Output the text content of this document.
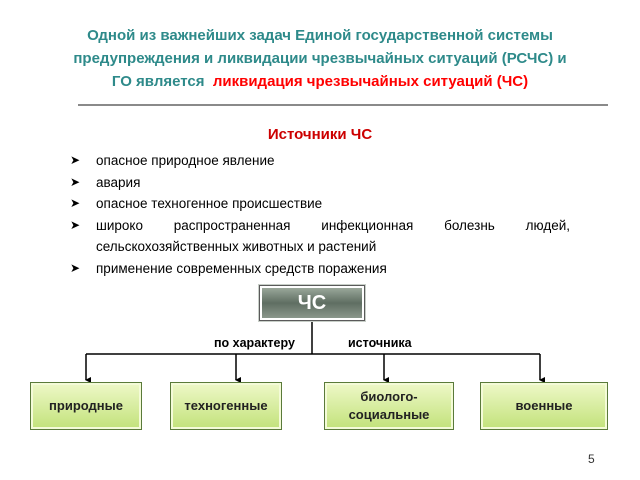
Одной из важнейших задач Единой государственной системы
предупреждения и ликвидации чрезвычайных ситуаций (РСЧС) и
ГО является ликвидация чрезвычайных ситуаций (ЧС)
Источники ЧС
➤ опасное природное явление
➤ авария
➤ опасное техногенное происшествие
➤ широко распространенная инфекционная болезнь людей, сельскохозяйственных животных и растений
➤ применение современных средств поражения
ЧС
по характеру	источника
природные	техногенные
биолого-социальные
военные
5
